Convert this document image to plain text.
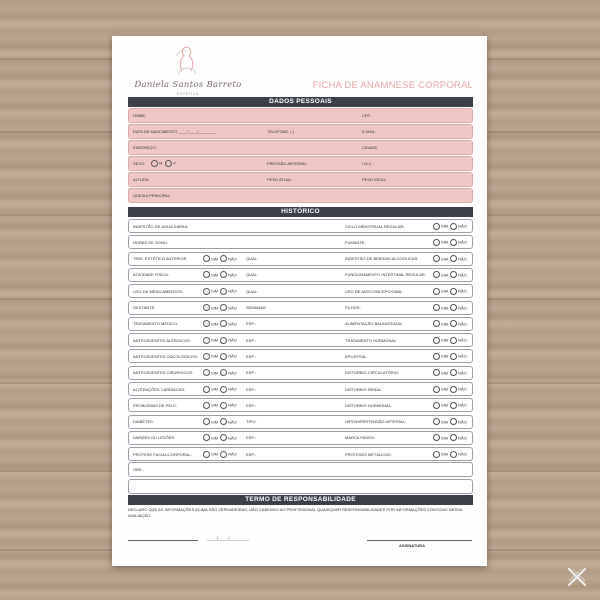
Daniela Santos Barreto
ESTÉTICA
FICHA DE ANAMNESE CORPORAL
DADOS PESSOAIS
NOME:	CPF:
DATA DE NASCIMENTO ____/____/________	TELEFONE: ( )	E-MAIL:
ENDEREÇO:	CIDADE:
SEXO:	M	F	PRESSÃO ARTERIAL:	I.M.C.:
ALTURA:	PESO ATUAL:	PESO IDEAL:
QUEIXA PRINCIPAL:
HISTÓRICO
INGESTÃO DE ÁGUA DIÁRIA:	CICLO MENSTRUAL REGULAR:	SIM	NÃO
HORAS DE SONO:	FUMANTE:	SIM	NÃO
TRAT. ESTÉTICO ANTERIOR	SIM	NÃO QUAL:	INGESTÃO DE BEBIDAS ALCOÓLICAS:	SIM	NÃO
ATIVIDADE FÍSICA:	SIM	NÃO QUAL:	FUNCIONAMENTO INTESTINAL REGULAR:	SIM	NÃO
USO DE MEDICAMENTOS:	SIM	NÃO QUAL:	USO DE ANTICONCEPCIONAL:	SIM	NÃO
GESTANTE:	SIM	NÃO SEMANAS:	FILHOS:	SIM	NÃO
TRATAMENTO MÉDICO:	SIM	NÃO ESP.:	ALIMENTAÇÃO BALANCEADA:	SIM	NÃO
ANTECEDENTES ALÉRGICOS:	SIM	NÃO ESP.:	TRATAMENTO HORMONAL:	SIM	NÃO
ANTECEDENTES ONCOLÓGICOS:	SIM	NÃO ESP.:	EPILEPSIA:	SIM	NÃO
ANTECEDENTES CIRÚRGICOS:	SIM	NÃO ESP.:	DISTÚRBIO CIRCULATÓRIO:	SIM	NÃO
ALTERAÇÕES CARDÍACAS:	SIM	NÃO ESP.:	DISTÚRBIO RENAL:	SIM	NÃO
PROBLEMAS DE PELE:	SIM	NÃO ESP.:	DISTÚRBIO HORMONAL:	SIM	NÃO
DIABÉTES:	SIM	NÃO TIPO:	HIPO/HIPERTENSÃO ARTERIAL:	SIM	NÃO
VARIZES OU LESÕES:	SIM	NÃO ESP.:	MARCA PASSO:	SIM	NÃO
PRÓTESE FACIAL/CORPORAL:	SIM	NÃO ESP.:	PRÓTESES METÁLICAS:	SIM	NÃO
OBS.:
TERMO DE RESPONSABILIDADE
DECLARO QUE AS INFORMAÇÕES ACIMA SÃO VERDADEIRAS, NÃO CABENDO AO PROFISSIONAL QUAISQUER RESPONSABILIDADES POR INFORMAÇÕES CONTIDAS NESSA AVALIAÇÃO.
____/____/________
ASSINATURA
